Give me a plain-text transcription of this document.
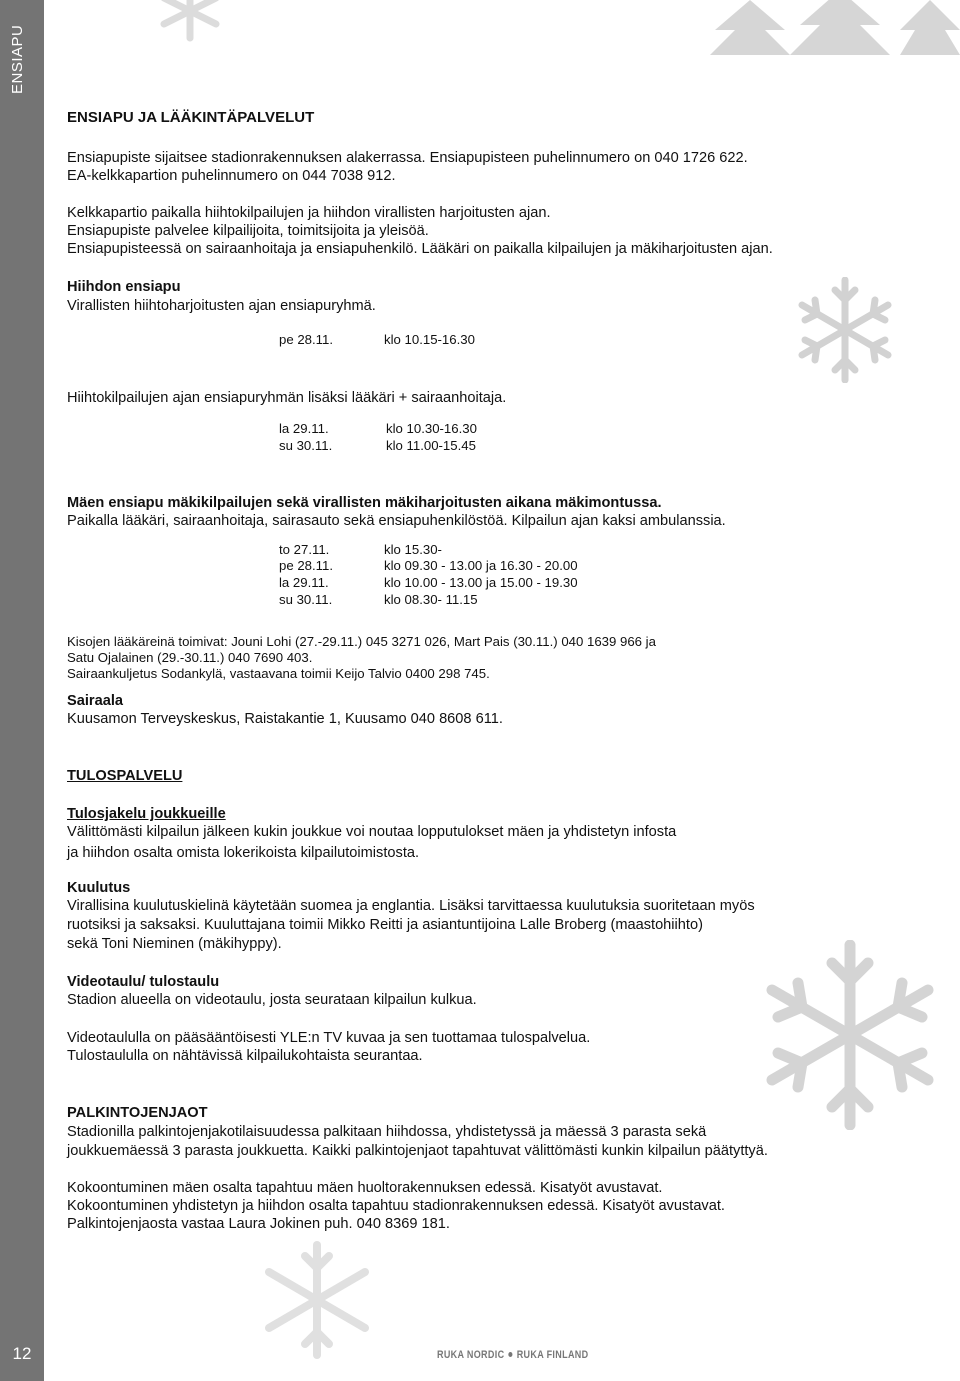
ENSIAPU
12
ENSIAPU JA LÄÄKINTÄPALVELUT
Ensiapupiste sijaitsee stadionrakennuksen alakerrassa. Ensiapupisteen puhelinnumero on 040 1726 622.
EA-kelkkapartion puhelinnumero on 044 7038 912.
Kelkkapartio paikalla hiihtokilpailujen ja hiihdon virallisten harjoitusten ajan.
Ensiapupiste palvelee kilpailijoita, toimitsijoita ja yleisöä.
Ensiapupisteessä on sairaanhoitaja ja ensiapuhenkilö. Lääkäri on paikalla kilpailujen ja mäkiharjoitusten ajan.
Hiihdon ensiapu
Virallisten hiihtoharjoitusten ajan ensiapuryhmä.
pe 28.11.	klo 10.15-16.30
Hiihtokilpailujen ajan ensiapuryhmän lisäksi lääkäri + sairaanhoitaja.
la 29.11.	klo 10.30-16.30
su 30.11.	klo 11.00-15.45
Mäen ensiapu mäkikilpailujen sekä virallisten mäkiharjoitusten aikana mäkimontussa.
Paikalla lääkäri, sairaanhoitaja, sairasauto sekä ensiapuhenkilöstöä. Kilpailun ajan kaksi ambulanssia.
to 27.11.	klo 15.30-
pe 28.11.	klo 09.30 - 13.00 ja 16.30 - 20.00
la 29.11.	klo 10.00 - 13.00 ja 15.00 - 19.30
su 30.11.	klo 08.30- 11.15
Kisojen lääkäreinä toimivat: Jouni Lohi (27.-29.11.) 045 3271 026, Mart Pais (30.11.) 040 1639 966 ja
Satu Ojalainen (29.-30.11.) 040 7690 403.
Sairaankuljetus Sodankylä, vastaavana toimii Keijo Talvio 0400 298 745.
Sairaala
Kuusamon Terveyskeskus, Raistakantie 1, Kuusamo 040 8608 611.
TULOSPALVELU
Tulosjakelu joukkueille
Välittömästi kilpailun jälkeen kukin joukkue voi noutaa lopputulokset mäen ja yhdistetyn infosta
ja hiihdon osalta omista lokerikoista kilpailutoimistosta.
Kuulutus
Virallisina kuulutuskielinä käytetään suomea ja englantia. Lisäksi tarvittaessa kuulutuksia suoritetaan myös
ruotsiksi ja saksaksi. Kuuluttajana toimii Mikko Reitti ja asiantuntijoina Lalle Broberg (maastohiihto)
sekä Toni Nieminen (mäkihyppy).
Videotaulu/ tulostaulu
Stadion alueella on videotaulu, josta seurataan kilpailun kulkua.
Videotaululla on pääsääntöisesti YLE:n TV kuvaa ja sen tuottamaa tulospalvelua.
Tulostaululla on nähtävissä kilpailukohtaista seurantaa.
PALKINTOJENJAOT
Stadionilla palkintojenjakotilaisuudessa palkitaan hiihdossa, yhdistetyssä ja mäessä 3 parasta sekä
joukkuemäessä 3 parasta joukkuetta. Kaikki palkintojenjaot tapahtuvat välittömästi kunkin kilpailun päätyttyä.
Kokoontuminen mäen osalta tapahtuu mäen huoltorakennuksen edessä. Kisatyöt avustavat.
Kokoontuminen yhdistetyn ja hiihdon osalta tapahtuu stadionrakennuksen edessä. Kisatyöt avustavat.
Palkintojenjaosta vastaa Laura Jokinen puh. 040 8369 181.
RUKA NORDIC RUKA FINLAND
